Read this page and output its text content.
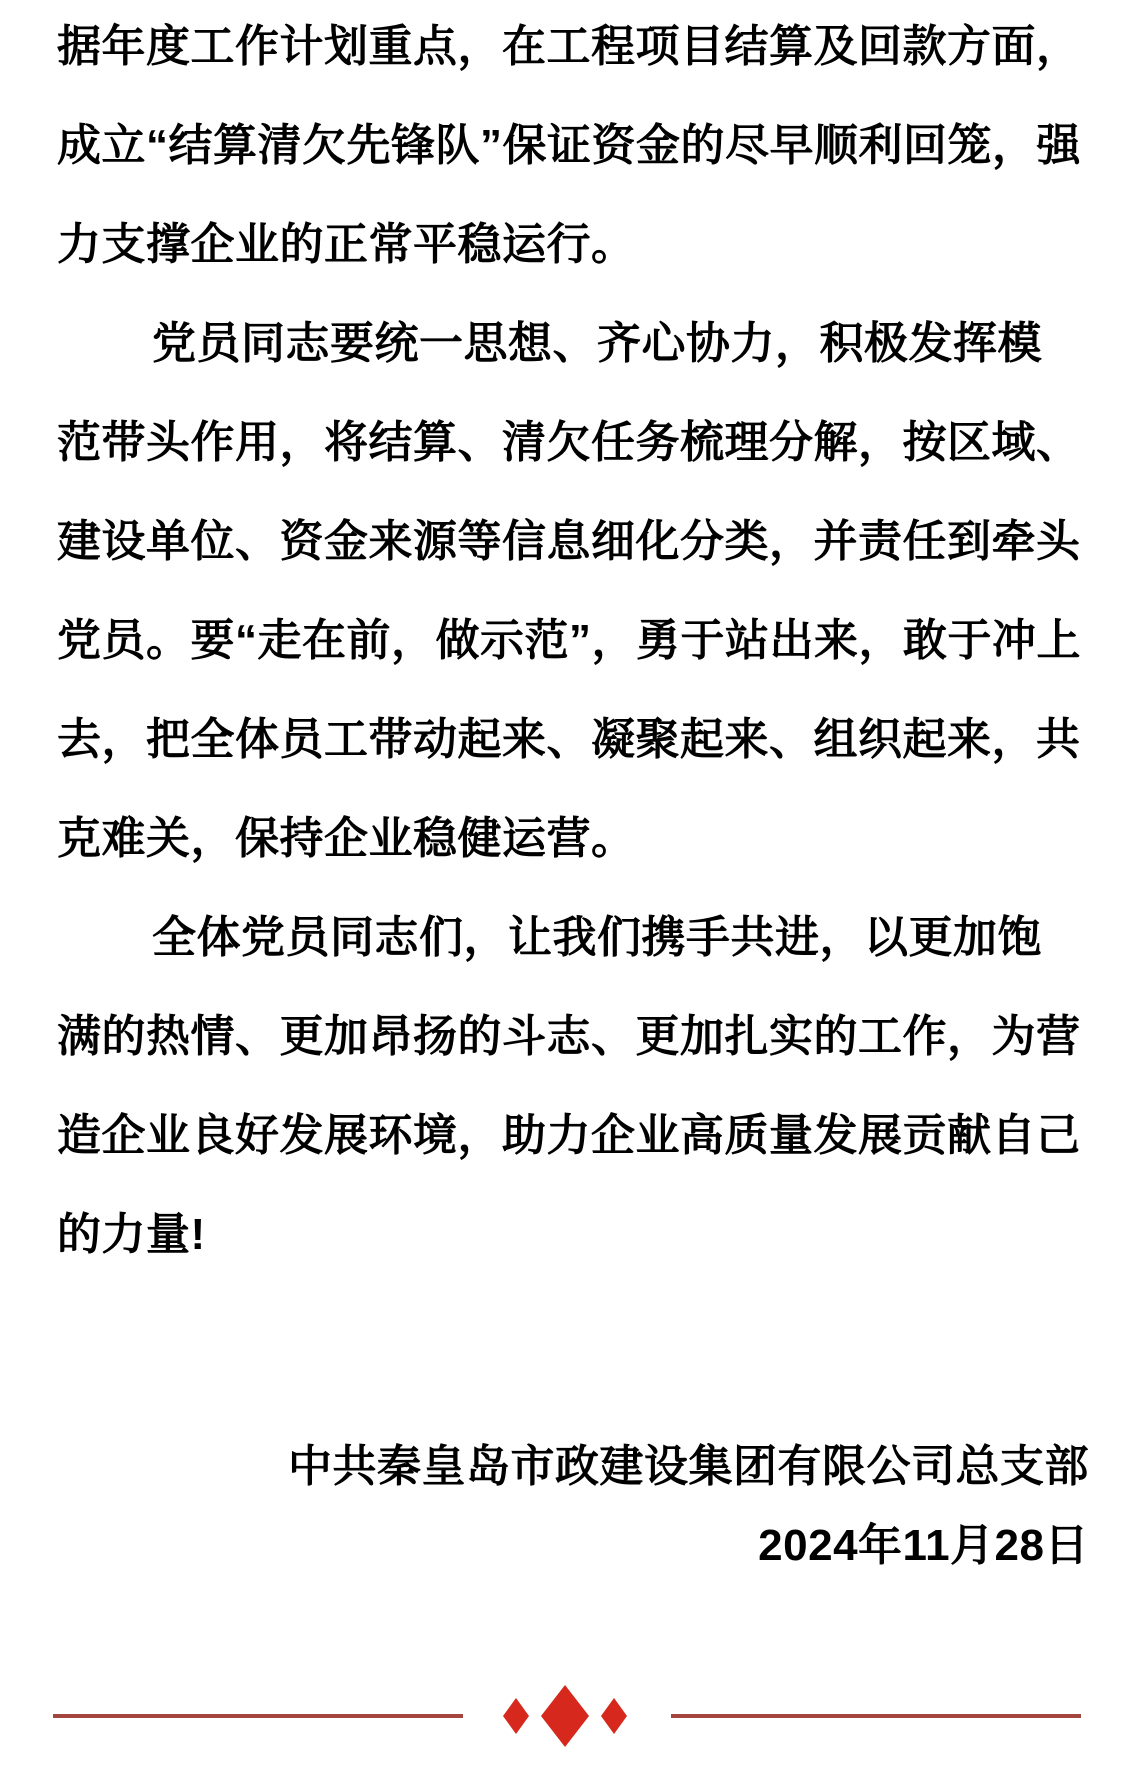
据年度工作计划重点，在工程项目结算及回款方面，
成立“结算清欠先锋队”保证资金的尽早顺利回笼，强
力支撑企业的正常平稳运行。
党员同志要统一思想、齐心协力，积极发挥模
范带头作用，将结算、清欠任务梳理分解，按区域、
建设单位、资金来源等信息细化分类，并责任到牵头
党员。要“走在前，做示范”，勇于站出来，敢于冲上
去，把全体员工带动起来、凝聚起来、组织起来，共
克难关，保持企业稳健运营。
全体党员同志们，让我们携手共进，以更加饱
满的热情、更加昂扬的斗志、更加扎实的工作，为营
造企业良好发展环境，助力企业高质量发展贡献自己
的力量!
中共秦皇岛市政建设集团有限公司总支部
2024年11月28日
